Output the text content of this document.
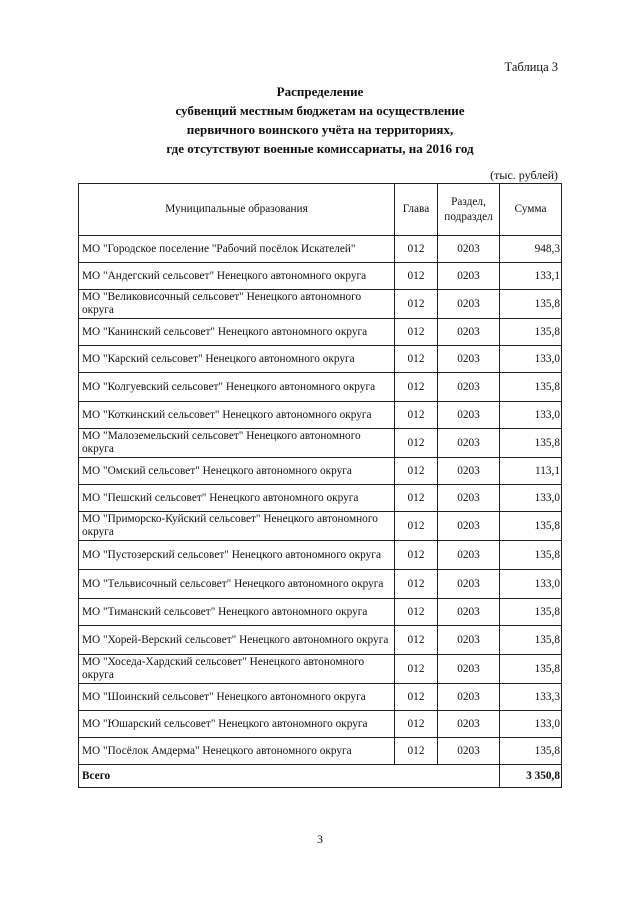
Таблица 3
Распределение
субвенций местным бюджетам на осуществление
первичного воинского учёта на территориях,
где отсутствуют военные комиссариаты, на 2016 год
(тыс. рублей)
Муниципальные образования	Глава	Раздел, подраздел	Сумма
МО "Городское поселение "Рабочий посёлок Искателей"	012	0203	948,3
МО "Андегский сельсовет" Ненецкого автономного округа	012	0203	133,1
МО "Великовисочный сельсовет" Ненецкого автономного округа	012	0203	135,8
МО "Канинский сельсовет" Ненецкого автономного округа	012	0203	135,8
МО "Карский сельсовет" Ненецкого автономного округа	012	0203	133,0
МО "Колгуевский сельсовет" Ненецкого автономного округа	012	0203	135,8
МО "Коткинский сельсовет" Ненецкого автономного округа	012	0203	133,0
МО "Малоземельский сельсовет" Ненецкого автономного округа	012	0203	135,8
МО "Омский сельсовет" Ненецкого автономного округа	012	0203	113,1
МО "Пешский сельсовет" Ненецкого автономного округа	012	0203	133,0
МО "Приморско-Куйский сельсовет" Ненецкого автономного округа	012	0203	135,8
МО "Пустозерский сельсовет" Ненецкого автономного округа	012	0203	135,8
МО "Тельвисочный сельсовет" Ненецкого автономного округа	012	0203	133,0
МО "Тиманский сельсовет" Ненецкого автономного округа	012	0203	135,8
МО "Хорей-Верский сельсовет" Ненецкого автономного округа	012	0203	135,8
МО "Хоседа-Хардский сельсовет" Ненецкого автономного округа	012	0203	135,8
МО "Шоинский сельсовет" Ненецкого автономного округа	012	0203	133,3
МО "Юшарский сельсовет" Ненецкого автономного округа	012	0203	133,0
МО "Посёлок Амдерма" Ненецкого автономного округа	012	0203	135,8
Всего			3 350,8
3
